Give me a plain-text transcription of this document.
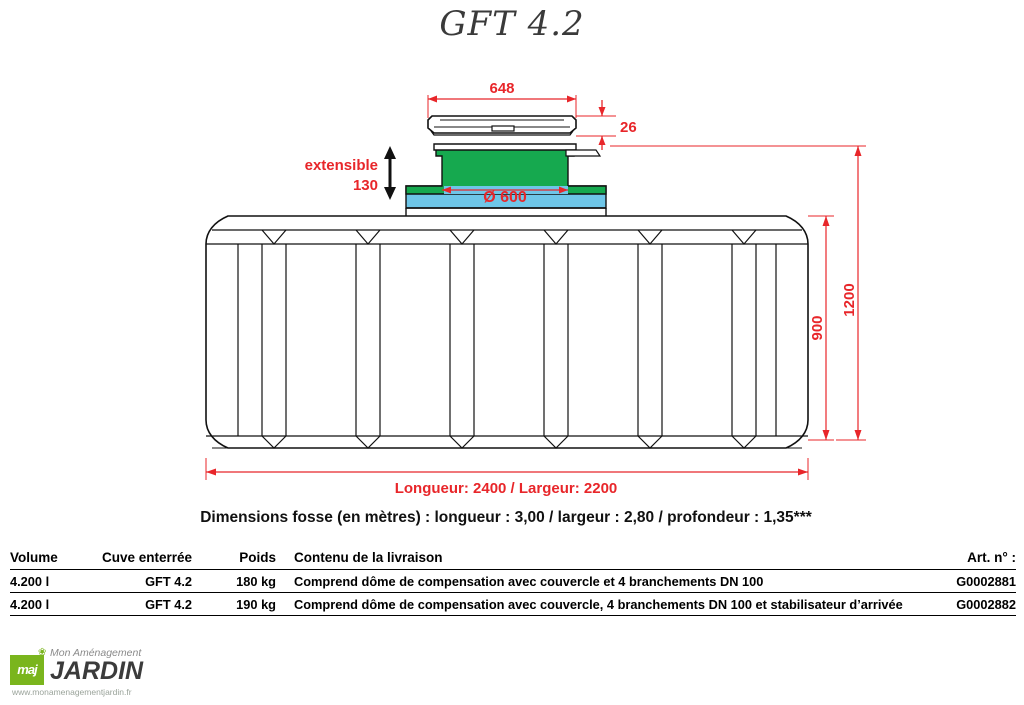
GFT 4.2
648
26
Ø 600
extensible
130
900
1200
Longueur: 2400 / Largeur: 2200
Dimensions fosse (en mètres) : longueur : 3,00 / largeur : 2,80 / profondeur : 1,35***
Volume	Cuve enterrée	Poids	Contenu de la livraison	Art. n° :
4.200 l	GFT 4.2	180 kg	Comprend dôme de compensation avec couvercle et 4 branchements DN 100	G0002881
4.200 l	GFT 4.2	190 kg	Comprend dôme de compensation avec couvercle, 4 branchements DN 100 et stabilisateur d’arrivée	G0002882
maj
❀ Mon Aménagement
JARDIN
www.monamenagementjardin.fr
